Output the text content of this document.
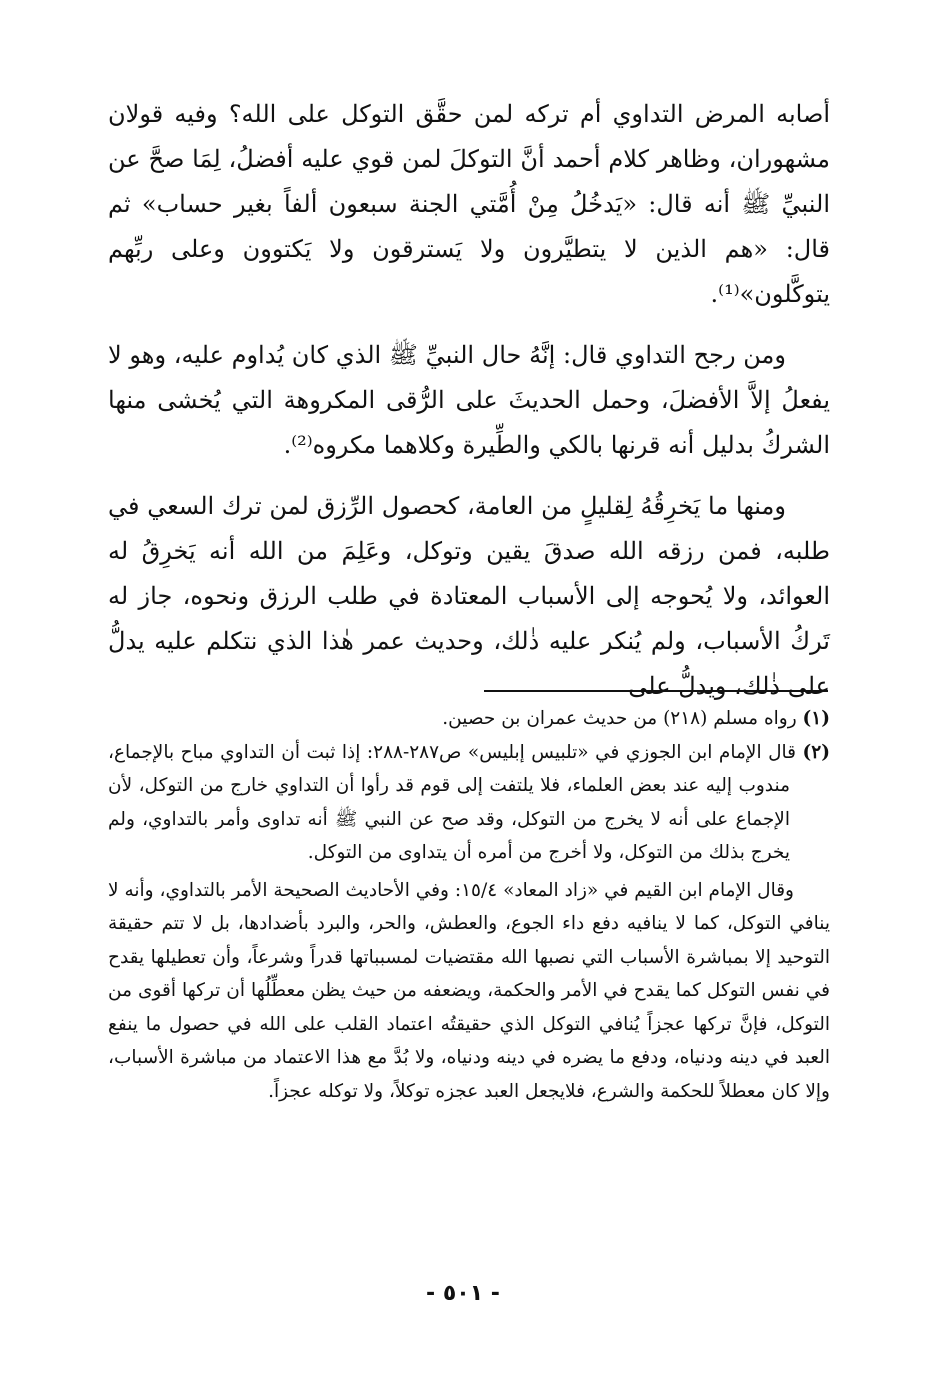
أصابه المرض التداوي أم تركه لمن حقَّق التوكل على الله؟ وفيه قولان مشهوران، وظاهر كلام أحمد أنَّ التوكلَ لمن قوي عليه أفضلُ، لِمَا صحَّ عن النبيِّ ﷺ أنه قال: «يَدخُلُ مِنْ أُمَّتي الجنة سبعون ألفاً بغير حساب» ثم قال: «هم الذين لا يتطيَّرون ولا يَسترقون ولا يَكتوون وعلى ربِّهم يتوكَّلون»⁽¹⁾.

ومن رجح التداوي قال: إنَّهُ حال النبيِّ ﷺ الذي كان يُداوم عليه، وهو لا يفعلُ إلاَّ الأفضلَ، وحمل الحديثَ على الرُّقى المكروهة التي يُخشى منها الشركُ بدليل أنه قرنها بالكي والطِّيرة وكلاهما مكروه⁽²⁾.

ومنها ما يَخرِقُهُ لِقليلٍ من العامة، كحصول الرِّزق لمن ترك السعي في طلبه، فمن رزقه الله صدقَ يقين وتوكل، وعَلِمَ من الله أنه يَخرِقُ له العوائد، ولا يُحوجه إلى الأسباب المعتادة في طلب الرزق ونحوه، جاز له تَركُ الأسباب، ولم يُنكر عليه ذٰلك، وحديث عمر هٰذا الذي نتكلم عليه يدلُّ على ذٰلك، ويدلُّ على

(١) رواه مسلم (٢١٨) من حديث عمران بن حصين.

(٢) قال الإمام ابن الجوزي في «تلبيس إبليس» ص٢٨٧-٢٨٨: إذا ثبت أن التداوي مباح بالإجماع، مندوب إليه عند بعض العلماء، فلا يلتفت إلى قوم قد رأوا أن التداوي خارج من التوكل، لأن الإجماع على أنه لا يخرج من التوكل، وقد صح عن النبي ﷺ أنه تداوى وأمر بالتداوي، ولم يخرج بذلك من التوكل، ولا أخرج من أمره أن يتداوى من التوكل.

وقال الإمام ابن القيم في «زاد المعاد» ١٥/٤: وفي الأحاديث الصحيحة الأمر بالتداوي، وأنه لا ينافي التوكل، كما لا ينافيه دفع داء الجوع، والعطش، والحر، والبرد بأضدادها، بل لا تتم حقيقة التوحيد إلا بمباشرة الأسباب التي نصبها الله مقتضيات لمسبباتها قدراً وشرعاً، وأن تعطيلها يقدح في نفس التوكل كما يقدح في الأمر والحكمة، ويضعفه من حيث يظن معطِّلُها أن تركها أقوى من التوكل، فإنَّ تركها عجزاً يُنافي التوكل الذي حقيقتُه اعتماد القلب على الله في حصول ما ينفع العبد في دينه ودنياه، ودفع ما يضره في دينه ودنياه، ولا بُدَّ مع هذا الاعتماد من مباشرة الأسباب، وإلا كان معطلاً للحكمة والشرع، فلايجعل العبد عجزه توكلاً، ولا توكله عجزاً.

- ٥٠١ -
